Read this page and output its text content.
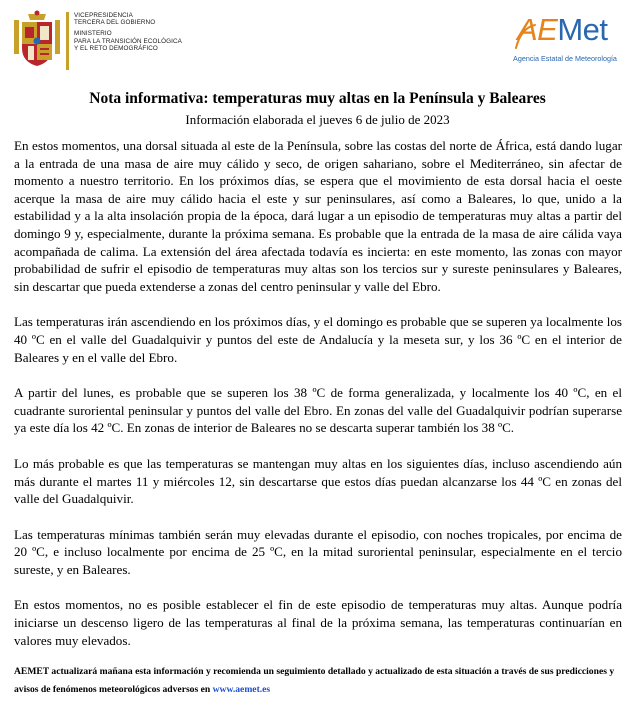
VICEPRESIDENCIA
TERCERA DEL GOBIERNO
MINISTERIO
PARA LA TRANSICIÓN ECOLÓGICA
Y EL RETO DEMOGRÁFICO
AEMet
Agencia Estatal de Meteorología
Nota informativa: temperaturas muy altas en la Península y Baleares
Información elaborada el jueves 6 de julio de 2023

En estos momentos, una dorsal situada al este de la Península, sobre las costas del norte de África, está dando lugar a la entrada de una masa de aire muy cálido y seco, de origen sahariano, sobre el Mediterráneo, sin afectar de momento a nuestro territorio. En los próximos días, se espera que el movimiento de esta dorsal hacia el oeste acerque la masa de aire muy cálido hacia el este y sur peninsulares, así como a Baleares, lo que, unido a la estabilidad y a la alta insolación propia de la época, dará lugar a un episodio de temperaturas muy altas a partir del domingo 9 y, especialmente, durante la próxima semana. Es probable que la entrada de la masa de aire cálida vaya acompañada de calima. La extensión del área afectada todavía es incierta: en este momento, las zonas con mayor probabilidad de sufrir el episodio de temperaturas muy altas son los tercios sur y sureste peninsulares y Baleares, sin descartar que pueda extenderse a zonas del centro peninsular y valle del Ebro.

Las temperaturas irán ascendiendo en los próximos días, y el domingo es probable que se superen ya localmente los 40 ºC en el valle del Guadalquivir y puntos del este de Andalucía y la meseta sur, y los 36 ºC en el interior de Baleares y en el valle del Ebro.

A partir del lunes, es probable que se superen los 38 ºC de forma generalizada, y localmente los 40 ºC, en el cuadrante suroriental peninsular y puntos del valle del Ebro. En zonas del valle del Guadalquivir podrían superarse ya este día los 42 ºC. En zonas de interior de Baleares no se descarta superar también los 38 ºC.

Lo más probable es que las temperaturas se mantengan muy altas en los siguientes días, incluso ascendiendo aún más durante el martes 11 y miércoles 12, sin descartarse que estos días puedan alcanzarse los 44 ºC en zonas del valle del Guadalquivir.

Las temperaturas mínimas también serán muy elevadas durante el episodio, con noches tropicales, por encima de 20 ºC, e incluso localmente por encima de 25 ºC, en la mitad suroriental peninsular, especialmente en el tercio sureste, y en Baleares.

En estos momentos, no es posible establecer el fin de este episodio de temperaturas muy altas. Aunque podría iniciarse un descenso ligero de las temperaturas al final de la próxima semana, las temperaturas continuarían en valores muy elevados.

AEMET actualizará mañana esta información y recomienda un seguimiento detallado y actualizado de esta situación a través de sus predicciones y avisos de fenómenos meteorológicos adversos en www.aemet.es
